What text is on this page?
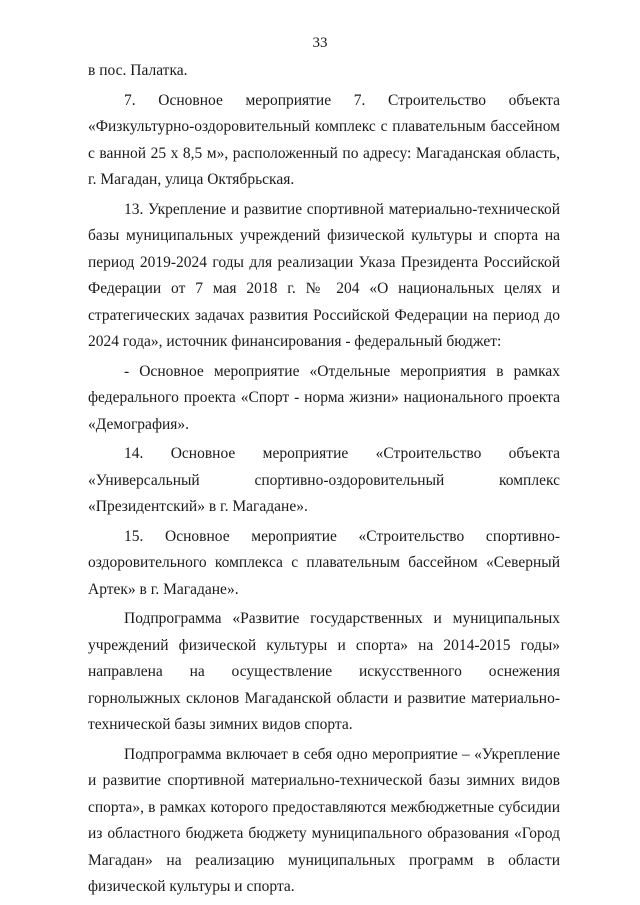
33

в пос. Палатка.

7. Основное мероприятие 7. Строительство объекта «Физкультурно-оздоровительный комплекс с плавательным бассейном с ванной 25 х 8,5 м», расположенный по адресу: Магаданская область, г. Магадан, улица Октябрьская.

13. Укрепление и развитие спортивной материально-технической базы муниципальных учреждений физической культуры и спорта на период 2019-2024 годы для реализации Указа Президента Российской Федерации от 7 мая 2018 г. № 204 «О национальных целях и стратегических задачах развития Российской Федерации на период до 2024 года», источник финансирования - федеральный бюджет:

- Основное мероприятие «Отдельные мероприятия в рамках федерального проекта «Спорт - норма жизни» национального проекта «Демография».

14. Основное мероприятие «Строительство объекта «Универсальный спортивно-оздоровительный комплекс «Президентский» в г. Магадане».

15. Основное мероприятие «Строительство спортивно-оздоровительного комплекса с плавательным бассейном «Северный Артек» в г. Магадане».

Подпрограмма «Развитие государственных и муниципальных учреждений физической культуры и спорта» на 2014-2015 годы» направлена на осуществление искусственного оснежения горнолыжных склонов Магаданской области и развитие материально-технической базы зимних видов спорта.

Подпрограмма включает в себя одно мероприятие – «Укрепление и развитие спортивной материально-технической базы зимних видов спорта», в рамках которого предоставляются межбюджетные субсидии из областного бюджета бюджету муниципального образования «Город Магадан» на реализацию муниципальных программ в области физической культуры и спорта.
